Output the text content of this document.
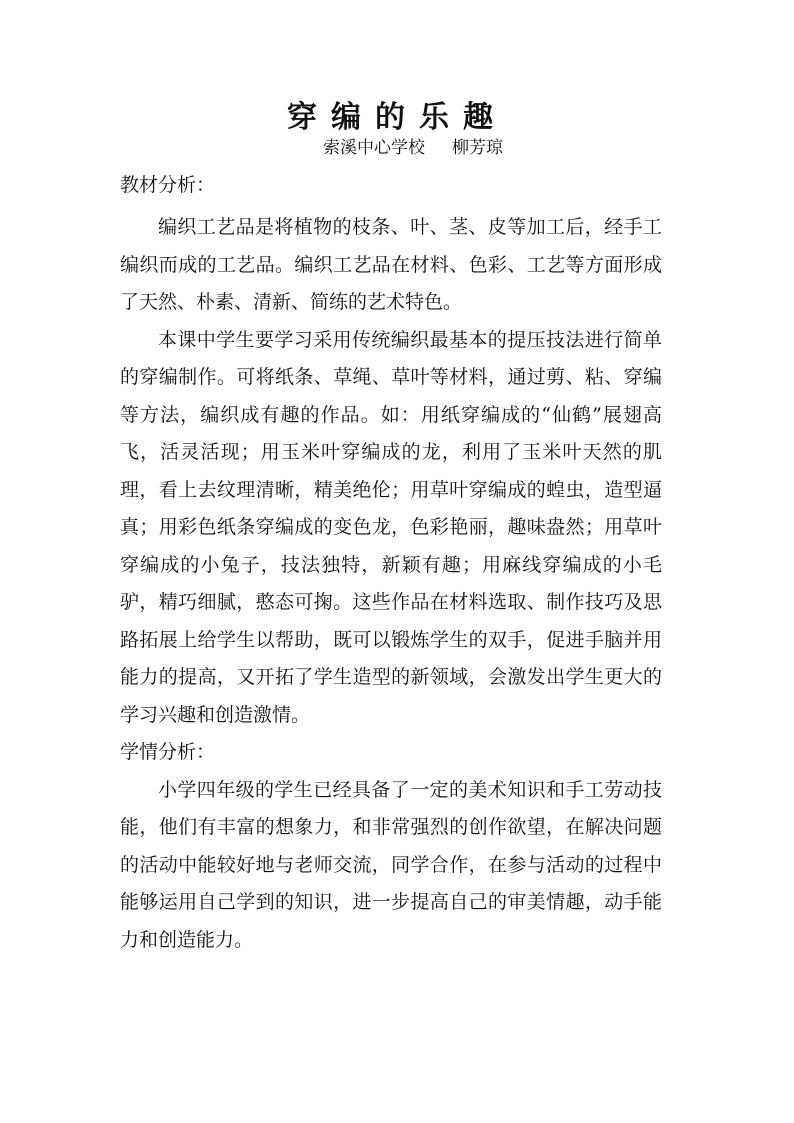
穿编的乐趣
索溪中心学校     柳芳琼
教材分析：

编织工艺品是将植物的枝条、叶、茎、皮等加工后，经手工编织而成的工艺品。编织工艺品在材料、色彩、工艺等方面形成了天然、朴素、清新、简练的艺术特色。

本课中学生要学习采用传统编织最基本的提压技法进行简单的穿编制作。可将纸条、草绳、草叶等材料，通过剪、粘、穿编等方法，编织成有趣的作品。如：用纸穿编成的“仙鹤”展翅高飞，活灵活现；用玉米叶穿编成的龙，利用了玉米叶天然的肌理，看上去纹理清晰，精美绝伦；用草叶穿编成的蝗虫，造型逼真；用彩色纸条穿编成的变色龙，色彩艳丽，趣味盎然；用草叶穿编成的小兔子，技法独特，新颖有趣；用麻线穿编成的小毛驴，精巧细腻，憨态可掬。这些作品在材料选取、制作技巧及思路拓展上给学生以帮助，既可以锻炼学生的双手，促进手脑并用能力的提高，又开拓了学生造型的新领域，会激发出学生更大的学习兴趣和创造激情。

学情分析：

小学四年级的学生已经具备了一定的美术知识和手工劳动技能，他们有丰富的想象力，和非常强烈的创作欲望，在解决问题的活动中能较好地与老师交流，同学合作，在参与活动的过程中能够运用自己学到的知识，进一步提高自己的审美情趣，动手能力和创造能力。
